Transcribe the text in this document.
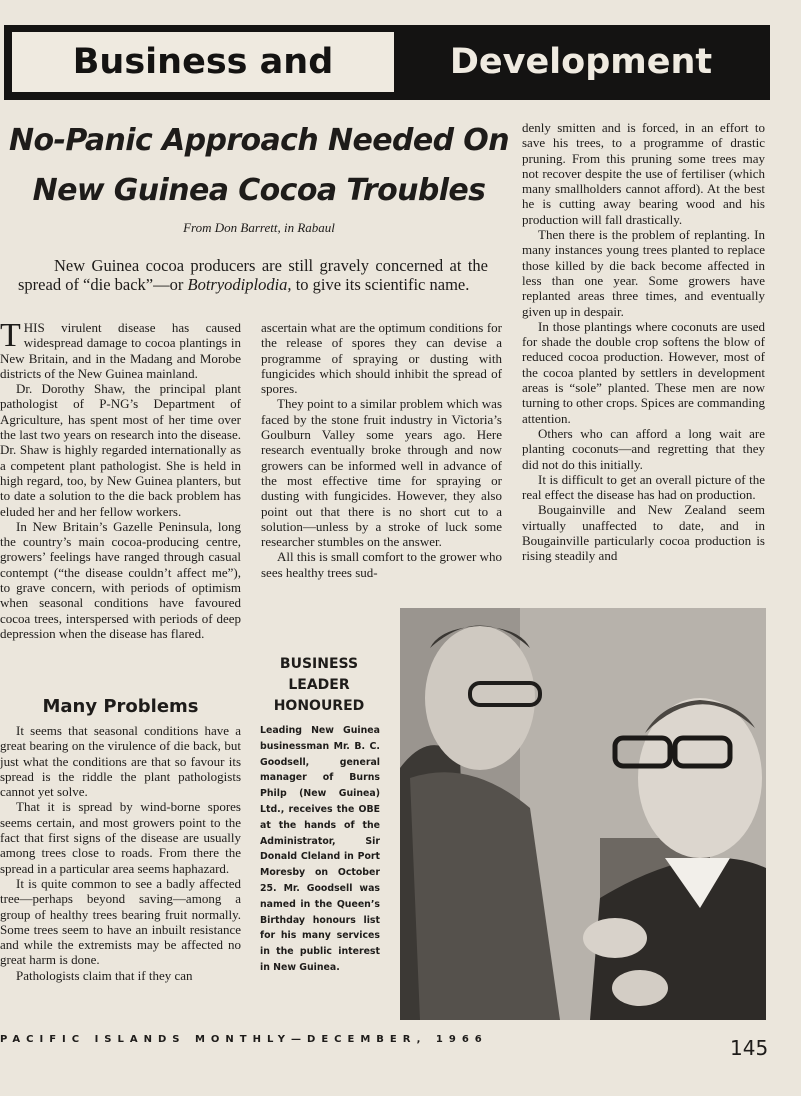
Business and	Development
No-Panic Approach Needed On
New Guinea Cocoa Troubles
From Don Barrett, in Rabaul
New Guinea cocoa producers are still gravely concerned at the spread of “die back”—or Botryodiplodia, to give its scientific name.

THIS virulent disease has caused widespread damage to cocoa plantings in New Britain, and in the Madang and Morobe districts of the New Guinea mainland.

Dr. Dorothy Shaw, the principal plant pathologist of P-NG’s Department of Agriculture, has spent most of her time over the last two years on research into the disease. Dr. Shaw is highly regarded internationally as a competent plant pathologist. She is held in high regard, too, by New Guinea planters, but to date a solution to the die back problem has eluded her and her fellow workers.

In New Britain’s Gazelle Peninsula, long the country’s main cocoa-producing centre, growers’ feelings have ranged through casual contempt (“the disease couldn’t affect me”), to grave concern, with periods of optimism when seasonal conditions have favoured cocoa trees, interspersed with periods of deep depression when the disease has flared.

Many Problems

It seems that seasonal conditions have a great bearing on the virulence of die back, but just what the conditions are that so favour its spread is the riddle the plant pathologists cannot yet solve.

That it is spread by wind-borne spores seems certain, and most growers point to the fact that first signs of the disease are usually among trees close to roads. From there the spread in a particular area seems haphazard.

It is quite common to see a badly affected tree—perhaps beyond saving—among a group of healthy trees bearing fruit normally. Some trees seem to have an inbuilt resistance and while the extremists may be affected no great harm is done.

Pathologists claim that if they can

ascertain what are the optimum conditions for the release of spores they can devise a programme of spraying or dusting with fungicides which should inhibit the spread of spores.

They point to a similar problem which was faced by the stone fruit industry in Victoria’s Goulburn Valley some years ago. Here research eventually broke through and now growers can be informed well in advance of the most effective time for spraying or dusting with fungicides. However, they also point out that there is no short cut to a solution—unless by a stroke of luck some researcher stumbles on the answer.

All this is small comfort to the grower who sees healthy trees sud-

denly smitten and is forced, in an effort to save his trees, to a programme of drastic pruning. From this pruning some trees may not recover despite the use of fertiliser (which many smallholders cannot afford). At the best he is cutting away bearing wood and his production will fall drastically.

Then there is the problem of replanting. In many instances young trees planted to replace those killed by die back become affected in less than one year. Some growers have replanted areas three times, and eventually given up in despair.

In those plantings where coconuts are used for shade the double crop softens the blow of reduced cocoa production. However, most of the cocoa planted by settlers in development areas is “sole” planted. These men are now turning to other crops. Spices are commanding attention.

Others who can afford a long wait are planting coconuts—and regretting that they did not do this initially.

It is difficult to get an overall picture of the real effect the disease has had on production.

Bougainville and New Zealand seem virtually unaffected to date, and in Bougainville particularly cocoa production is rising steadily and

BUSINESS
LEADER
HONOURED
Leading New Guinea businessman Mr. B. C. Goodsell, general manager of Burns Philp (New Guinea) Ltd., receives the OBE at the hands of the Administrator, Sir Donald Cleland in Port Moresby on October 25. Mr. Goodsell was named in the Queen’s Birthday honours list for his many services in the public interest in New Guinea.
PACIFIC ISLANDS MONTHLY—DECEMBER, 1966	145
